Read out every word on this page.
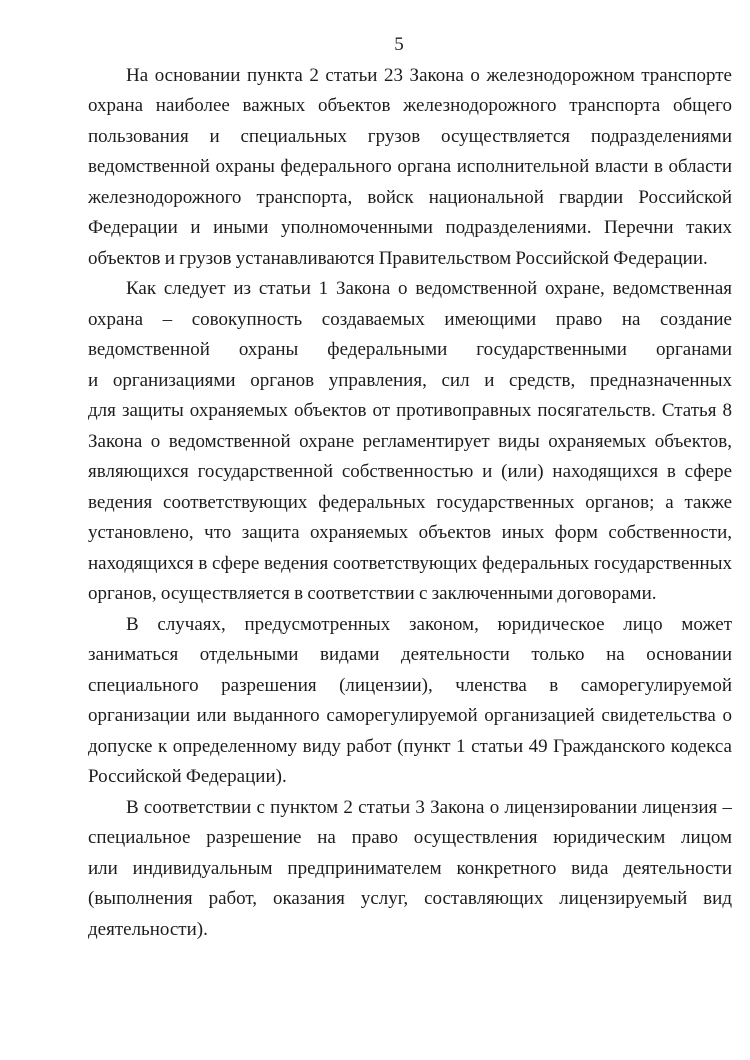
5
На основании пункта 2 статьи 23 Закона о железнодорожном транспорте
охрана наиболее важных объектов железнодорожного транспорта общего
пользования и специальных грузов осуществляется подразделениями
ведомственной охраны федерального органа исполнительной власти в области
железнодорожного транспорта, войск национальной гвардии Российской
Федерации и иными уполномоченными подразделениями. Перечни таких
объектов и грузов устанавливаются Правительством Российской Федерации.
Как следует из статьи 1 Закона о ведомственной охране, ведомственная
охрана – совокупность создаваемых имеющими право на создание
ведомственной охраны федеральными государственными органами
и организациями органов управления, сил и средств, предназначенных
для защиты охраняемых объектов от противоправных посягательств. Статья 8
Закона о ведомственной охране регламентирует виды охраняемых объектов,
являющихся государственной собственностью и (или) находящихся в сфере
ведения соответствующих федеральных государственных органов; а также
установлено, что защита охраняемых объектов иных форм собственности,
находящихся в сфере ведения соответствующих федеральных государственных
органов, осуществляется в соответствии с заключенными договорами.
В случаях, предусмотренных законом, юридическое лицо может
заниматься отдельными видами деятельности только на основании
специального разрешения (лицензии), членства в саморегулируемой
организации или выданного саморегулируемой организацией свидетельства о
допуске к определенному виду работ (пункт 1 статьи 49 Гражданского кодекса
Российской Федерации).
В соответствии с пунктом 2 статьи 3 Закона о лицензировании лицензия –
специальное разрешение на право осуществления юридическим лицом
или индивидуальным предпринимателем конкретного вида деятельности
(выполнения работ, оказания услуг, составляющих лицензируемый вид
деятельности).
